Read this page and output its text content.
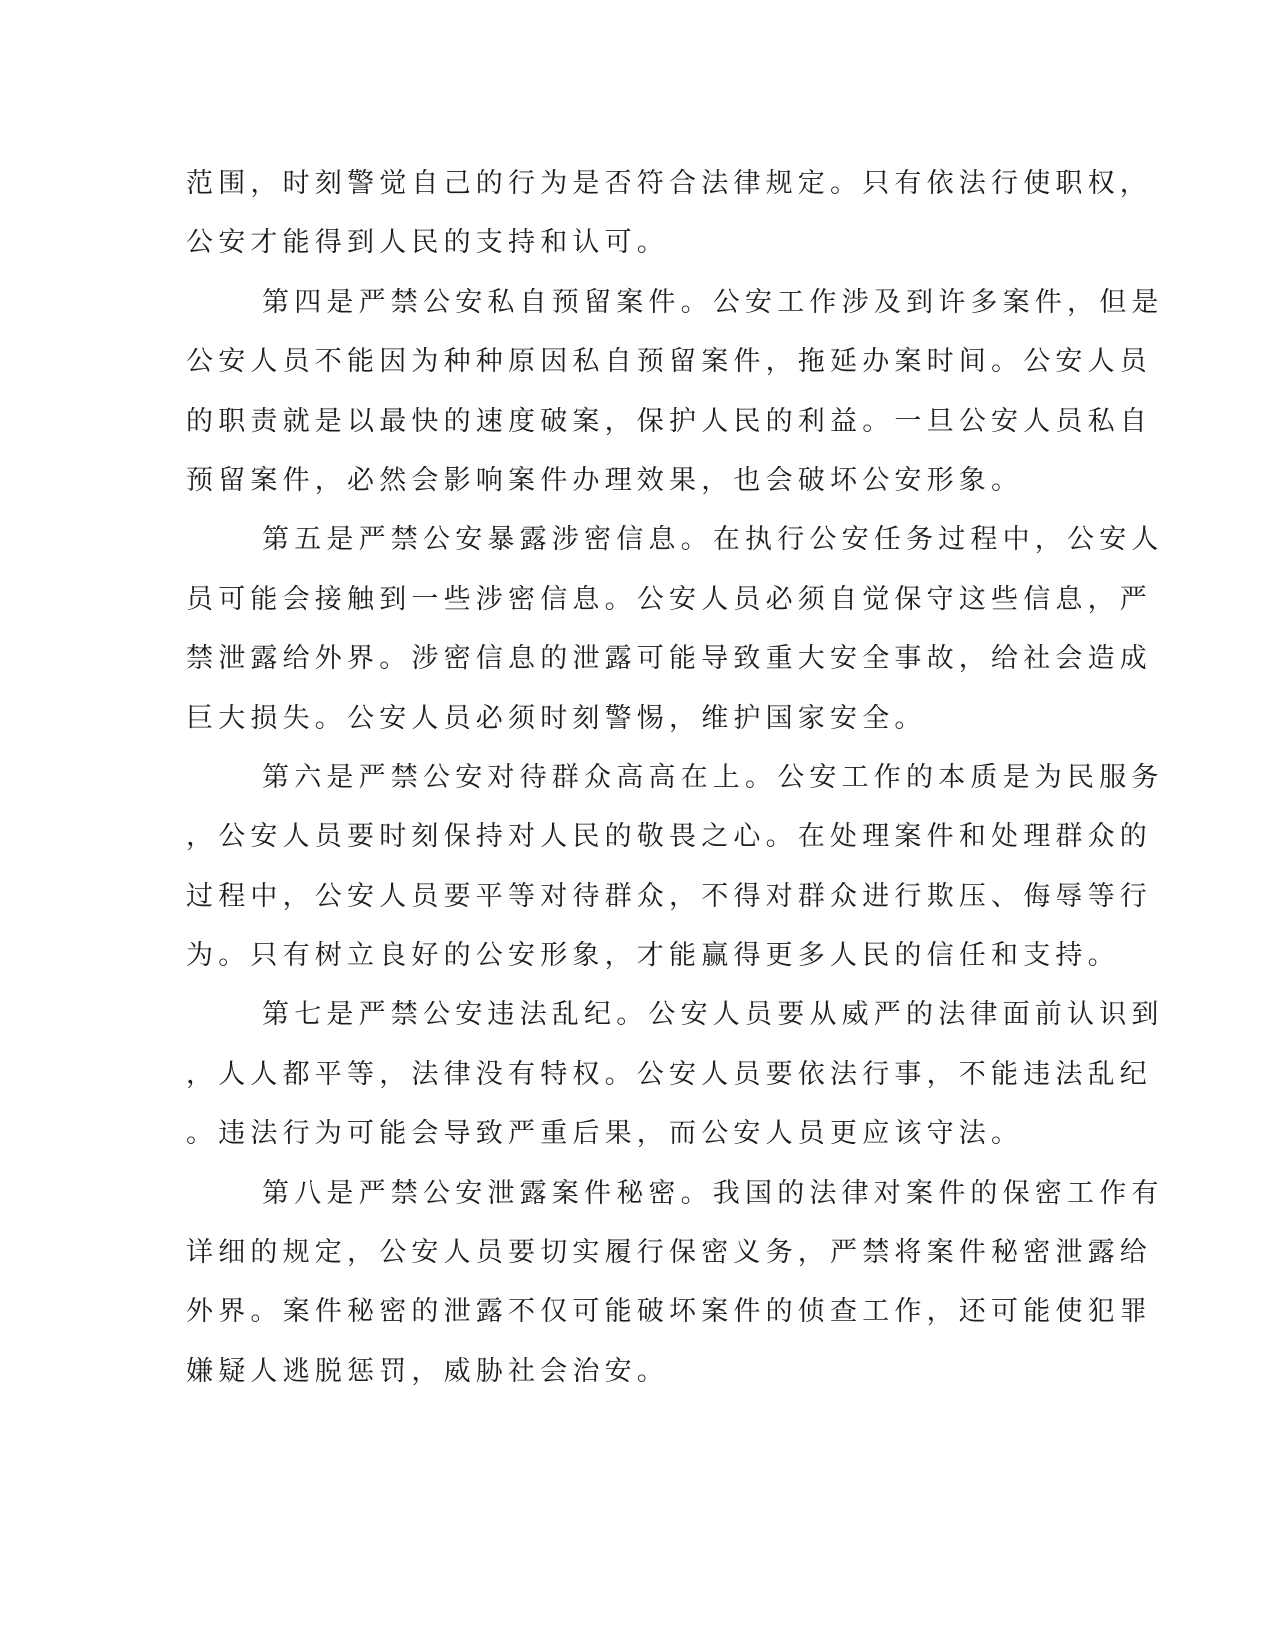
范围，时刻警觉自己的行为是否符合法律规定。只有依法行使职权，
公安才能得到人民的支持和认可。
第四是严禁公安私自预留案件。公安工作涉及到许多案件，但是
公安人员不能因为种种原因私自预留案件，拖延办案时间。公安人员
的职责就是以最快的速度破案，保护人民的利益。一旦公安人员私自
预留案件，必然会影响案件办理效果，也会破坏公安形象。
第五是严禁公安暴露涉密信息。在执行公安任务过程中，公安人
员可能会接触到一些涉密信息。公安人员必须自觉保守这些信息，严
禁泄露给外界。涉密信息的泄露可能导致重大安全事故，给社会造成
巨大损失。公安人员必须时刻警惕，维护国家安全。
第六是严禁公安对待群众高高在上。公安工作的本质是为民服务
，公安人员要时刻保持对人民的敬畏之心。在处理案件和处理群众的
过程中，公安人员要平等对待群众，不得对群众进行欺压、侮辱等行
为。只有树立良好的公安形象，才能赢得更多人民的信任和支持。
第七是严禁公安违法乱纪。公安人员要从威严的法律面前认识到
，人人都平等，法律没有特权。公安人员要依法行事，不能违法乱纪
。违法行为可能会导致严重后果，而公安人员更应该守法。
第八是严禁公安泄露案件秘密。我国的法律对案件的保密工作有
详细的规定，公安人员要切实履行保密义务，严禁将案件秘密泄露给
外界。案件秘密的泄露不仅可能破坏案件的侦查工作，还可能使犯罪
嫌疑人逃脱惩罚，威胁社会治安。
